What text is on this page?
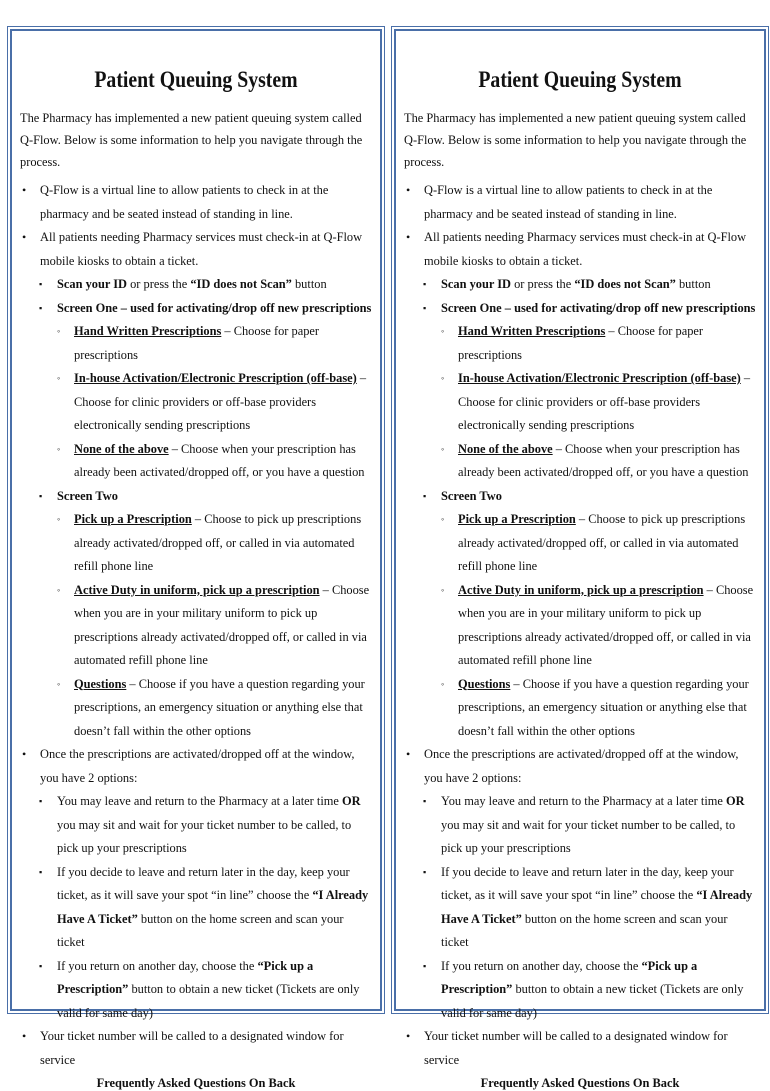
Patient Queuing System

The Pharmacy has implemented a new patient queuing system called Q-Flow. Below is some information to help you navigate through the process.

• Q-Flow is a virtual line to allow patients to check in at the pharmacy and be seated instead of standing in line.
• All patients needing Pharmacy services must check-in at Q-Flow mobile kiosks to obtain a ticket.
▪ Scan your ID or press the “ID does not Scan” button
▪ Screen One – used for activating/drop off new prescriptions
◦ Hand Written Prescriptions – Choose for paper prescriptions
◦ In-house Activation/Electronic Prescription (off-base) – Choose for clinic providers or off-base providers electronically sending prescriptions
◦ None of the above – Choose when your prescription has already been activated/dropped off, or you have a question
▪ Screen Two
◦ Pick up a Prescription – Choose to pick up prescriptions already activated/dropped off, or called in via automated refill phone line
◦ Active Duty in uniform, pick up a prescription – Choose when you are in your military uniform to pick up prescriptions already activated/dropped off, or called in via automated refill phone line
◦ Questions – Choose if you have a question regarding your prescriptions, an emergency situation or anything else that doesn’t fall within the other options
• Once the prescriptions are activated/dropped off at the window, you have 2 options:
▪ You may leave and return to the Pharmacy at a later time OR you may sit and wait for your ticket number to be called, to pick up your prescriptions
▪ If you decide to leave and return later in the day, keep your ticket, as it will save your spot “in line” choose the “I Already Have A Ticket” button on the home screen and scan your ticket
▪ If you return on another day, choose the “Pick up a Prescription” button to obtain a new ticket (Tickets are only valid for same day)
• Your ticket number will be called to a designated window for service
Frequently Asked Questions On Back
Patient Queuing System

The Pharmacy has implemented a new patient queuing system called Q-Flow. Below is some information to help you navigate through the process.

• Q-Flow is a virtual line to allow patients to check in at the pharmacy and be seated instead of standing in line.
• All patients needing Pharmacy services must check-in at Q-Flow mobile kiosks to obtain a ticket.
▪ Scan your ID or press the “ID does not Scan” button
▪ Screen One – used for activating/drop off new prescriptions
◦ Hand Written Prescriptions – Choose for paper prescriptions
◦ In-house Activation/Electronic Prescription (off-base) – Choose for clinic providers or off-base providers electronically sending prescriptions
◦ None of the above – Choose when your prescription has already been activated/dropped off, or you have a question
▪ Screen Two
◦ Pick up a Prescription – Choose to pick up prescriptions already activated/dropped off, or called in via automated refill phone line
◦ Active Duty in uniform, pick up a prescription – Choose when you are in your military uniform to pick up prescriptions already activated/dropped off, or called in via automated refill phone line
◦ Questions – Choose if you have a question regarding your prescriptions, an emergency situation or anything else that doesn’t fall within the other options
• Once the prescriptions are activated/dropped off at the window, you have 2 options:
▪ You may leave and return to the Pharmacy at a later time OR you may sit and wait for your ticket number to be called, to pick up your prescriptions
▪ If you decide to leave and return later in the day, keep your ticket, as it will save your spot “in line” choose the “I Already Have A Ticket” button on the home screen and scan your ticket
▪ If you return on another day, choose the “Pick up a Prescription” button to obtain a new ticket (Tickets are only valid for same day)
• Your ticket number will be called to a designated window for service
Frequently Asked Questions On Back
